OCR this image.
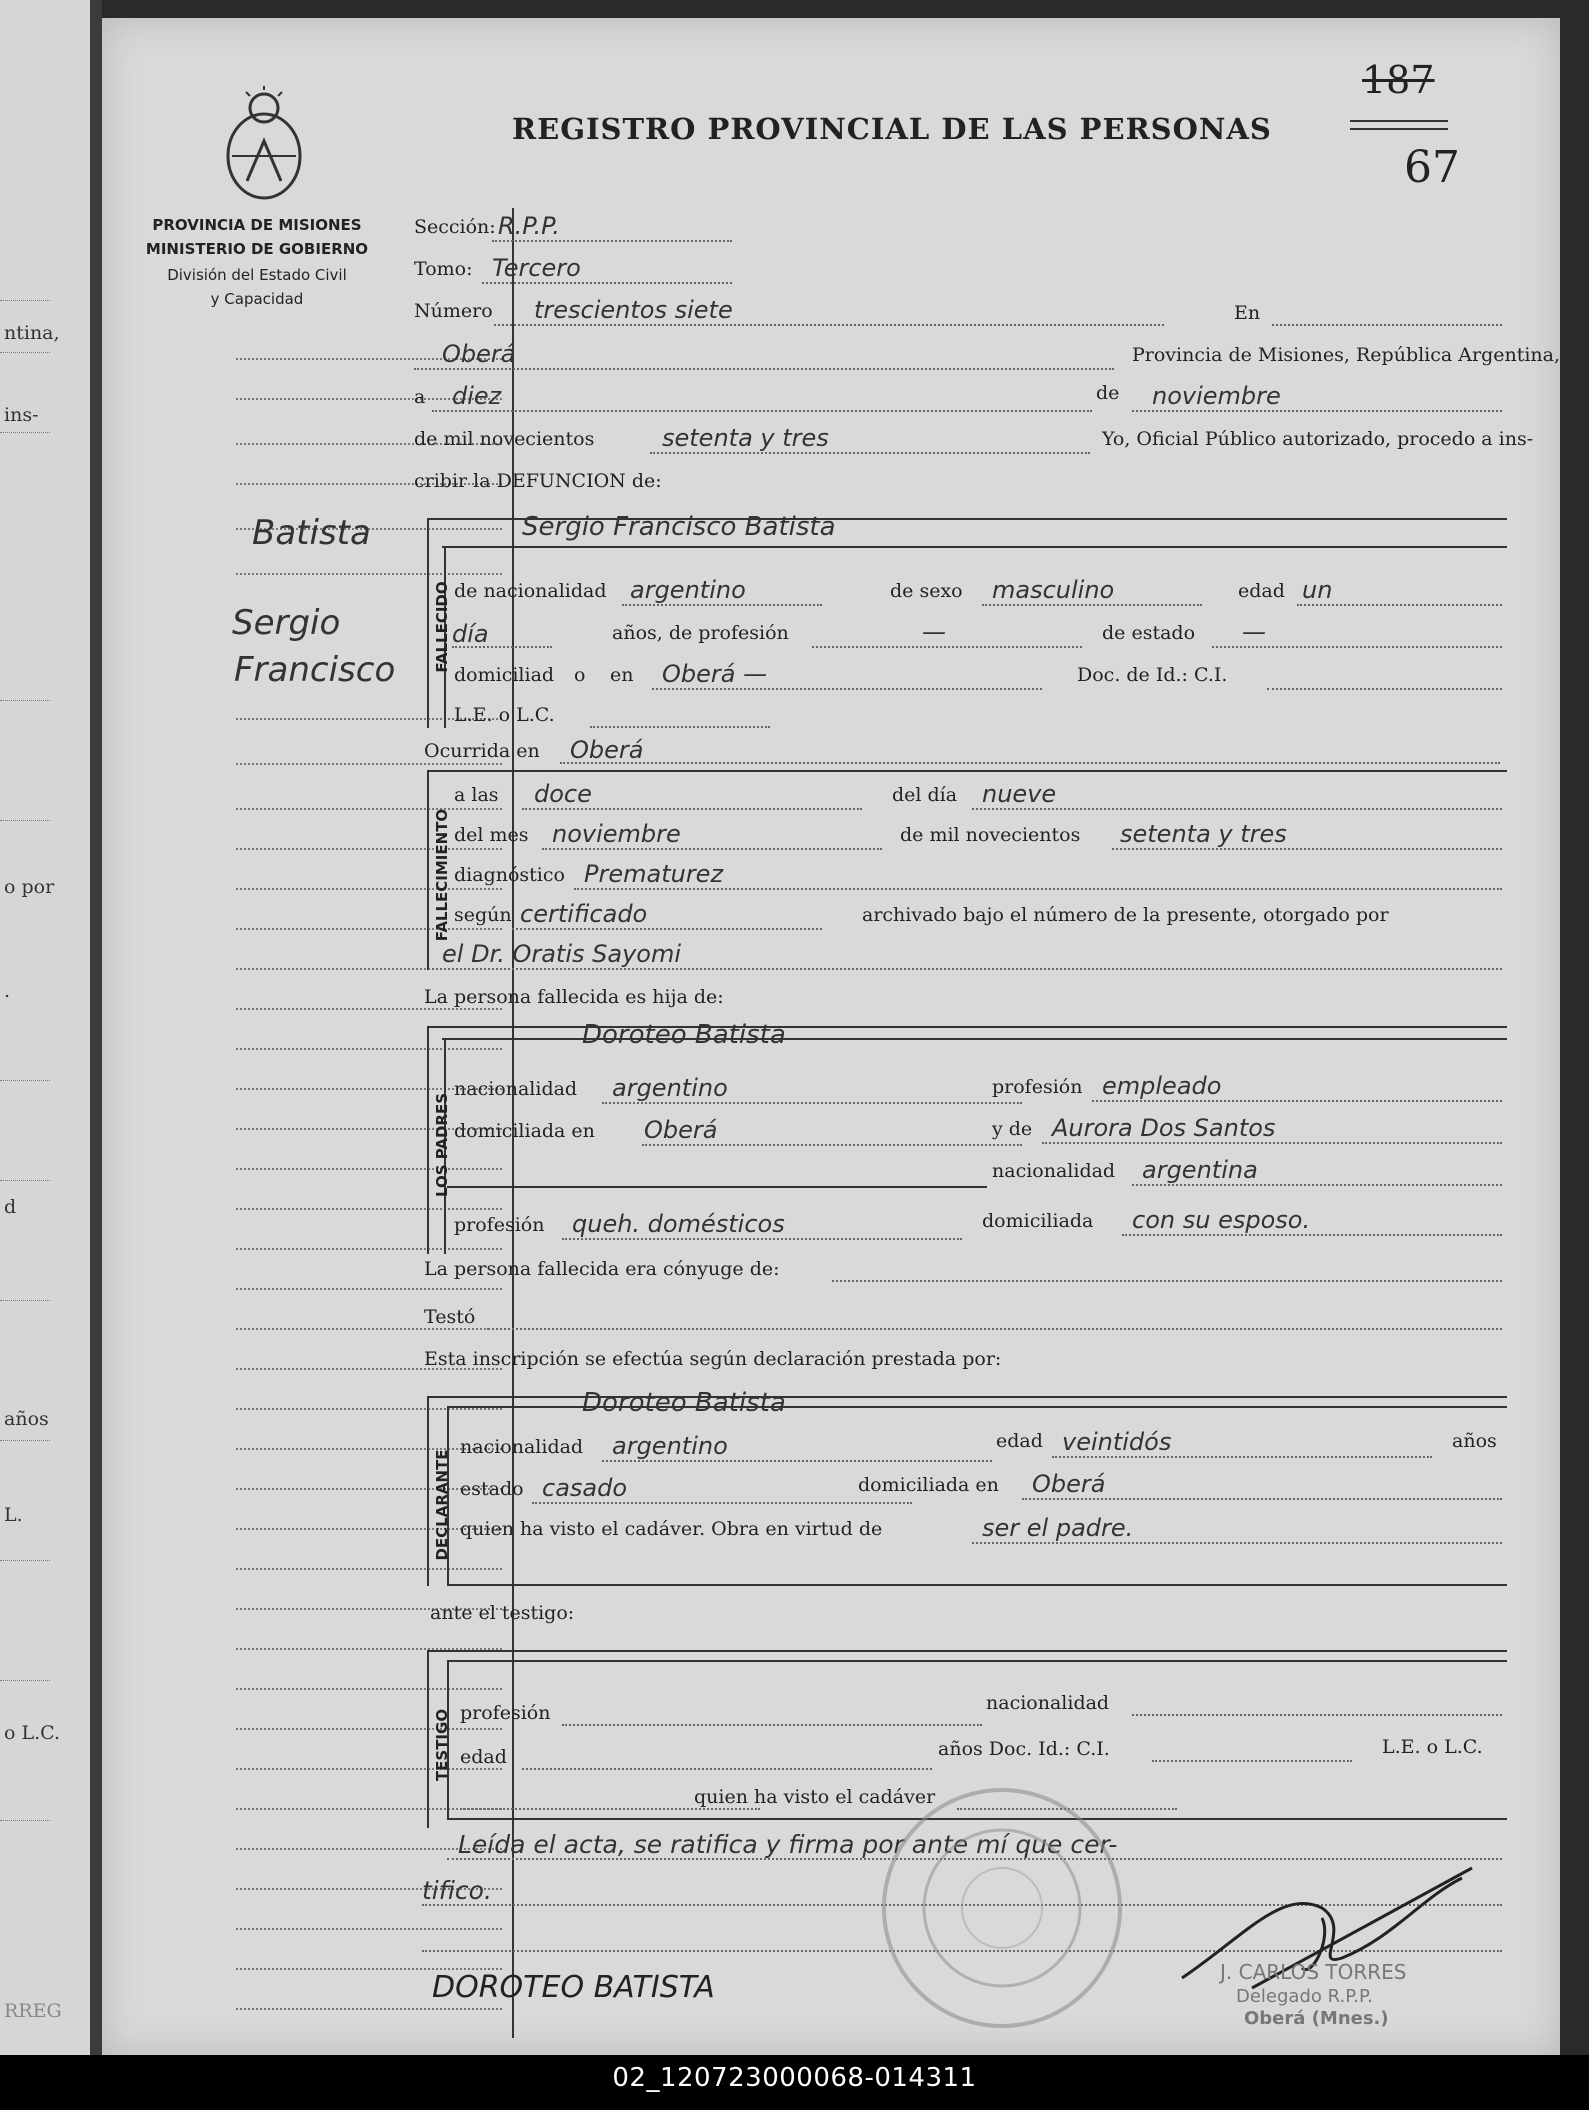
ntina,
ins-
o por
.
d
años
L.
o L.C.
RREG
REGISTRO PROVINCIAL DE LAS PERSONAS
187
67
PROVINCIA DE MISIONES
MINISTERIO DE GOBIERNO
División del Estado Civil
y Capacidad
Batista
Sergio
Francisco
Sección: R.P.P.
Tomo: Tercero
Número trescientos siete	En
Oberá	Provincia de Misiones, República Argentina,
a diez	de noviembre
de mil novecientos	setenta y tres	Yo, Oficial Público autorizado, procedo a ins-
cribir la DEFUNCION de:
FALLECIDO
Sergio Francisco Batista
de nacionalidad argentino	de sexo masculino	edad un
día	años, de profesión	—	de estado —
domiciliad o en Oberá —	Doc. de Id.: C.I.
L.E. o L.C.
Ocurrida en Oberá
FALLECIMIENTO
a las doce	del día nueve
del mes noviembre	de mil novecientos setenta y tres
diagnóstico Prematurez
según certificado	archivado bajo el número de la presente, otorgado por
el Dr. Oratis Sayomi
La persona fallecida es hija de:
LOS PADRES
Doroteo Batista
nacionalidad argentino	profesión empleado
domiciliada en Oberá	y de Aurora Dos Santos
nacionalidad argentina
profesión queh. domésticos	domiciliada con su esposo.
La persona fallecida era cónyuge de:
Testó
Esta inscripción se efectúa según declaración prestada por:
DECLARANTE
Doroteo Batista
nacionalidad argentino	edad veintidós	años
estado casado	domiciliada en Oberá
quien ha visto el cadáver. Obra en virtud de	ser el padre.
ante el testigo:
TESTIGO profesión	nacionalidad
edad	años Doc. Id.: C.I.	L.E. o L.C.
quien ha visto el cadáver
Leída el acta, se ratifica y firma por ante mí que cer-
tifico.
J. CARLOS TORRES
Delegado R.P.P.
Oberá (Mnes.)
DOROTEO BATISTA
02_120723000068-014311
